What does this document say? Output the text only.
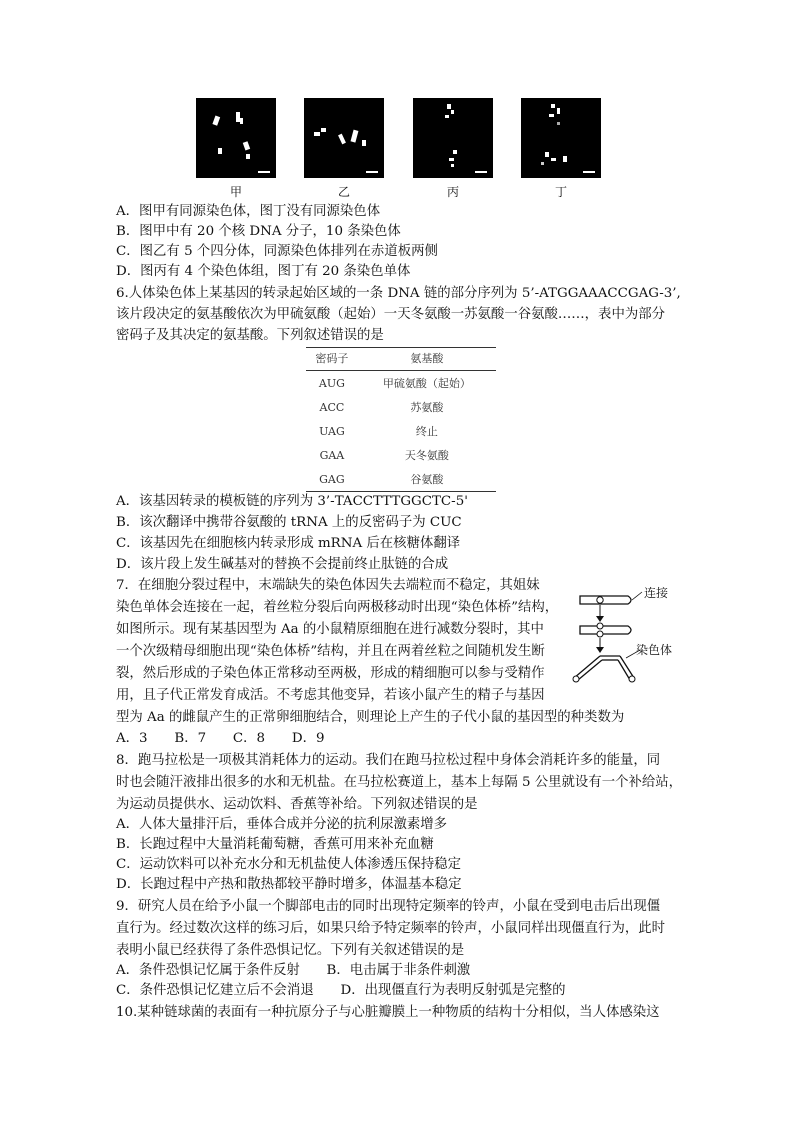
甲	乙	丙	丁
A．图甲有同源染色体，图丁没有同源染色体
B．图甲中有 20 个核 DNA 分子，10 条染色体
C．图乙有 5 个四分体，同源染色体排列在赤道板两侧
D．图丙有 4 个染色体组，图丁有 20 条染色单体
6.人体染色体上某基因的转录起始区域的一条 DNA 链的部分序列为 5’-ATGGAAACCGAG-3’,
该片段决定的氨基酸依次为甲硫氨酸（起始）一天冬氨酸一苏氨酸一谷氨酸……，表中为部分
密码子及其决定的氨基酸。下列叙述错误的是
密码子	氨基酸
AUG	甲硫氨酸（起始）
ACC	苏氨酸
UAG	终止
GAA	天冬氨酸
GAG	谷氨酸
A．该基因转录的模板链的序列为 3’-TACCTTTGGCTC-5'
B．该次翻译中携带谷氨酸的 tRNA 上的反密码子为 CUC
C．该基因先在细胞核内转录形成 mRNA 后在核糖体翻译
D．该片段上发生碱基对的替换不会提前终止肽链的合成
7．在细胞分裂过程中，末端缺失的染色体因失去端粒而不稳定，其姐妹
染色单体会连接在一起，着丝粒分裂后向两极移动时出现“染色体桥”结构，
如图所示。现有某基因型为 Aa 的小鼠精原细胞在进行减数分裂时，其中
一个次级精母细胞出现“染色体桥”结构，并且在两着丝粒之间随机发生断
裂，然后形成的子染色体正常移动至两极，形成的精细胞可以参与受精作
用，且子代正常发育成活。不考虑其他变异，若该小鼠产生的精子与基因
型为 Aa 的雌鼠产生的正常卵细胞结合，则理论上产生的子代小鼠的基因型的种类数为
A．3　　B．7　　C．8　　D．9
连接
染色体
8．跑马拉松是一项极其消耗体力的运动。我们在跑马拉松过程中身体会消耗许多的能量，同
时也会随汗液排出很多的水和无机盐。在马拉松赛道上，基本上每隔 5 公里就设有一个补给站，
为运动员提供水、运动饮料、香蕉等补给。下列叙述错误的是
A．人体大量排汗后，垂体合成并分泌的抗利尿激素增多
B．长跑过程中大量消耗葡萄糖，香蕉可用来补充血糖
C．运动饮料可以补充水分和无机盐使人体渗透压保持稳定
D．长跑过程中产热和散热都较平静时增多，体温基本稳定
9．研究人员在给予小鼠一个脚部电击的同时出现特定频率的铃声，小鼠在受到电击后出现僵
直行为。经过数次这样的练习后，如果只给予特定频率的铃声，小鼠同样出现僵直行为，此时
表明小鼠已经获得了条件恐惧记忆。下列有关叙述错误的是
A．条件恐惧记忆属于条件反射　　B．电击属于非条件刺激
C．条件恐惧记忆建立后不会消退　　D．出现僵直行为表明反射弧是完整的
10.某种链球菌的表面有一种抗原分子与心脏瓣膜上一种物质的结构十分相似，当人体感染这
